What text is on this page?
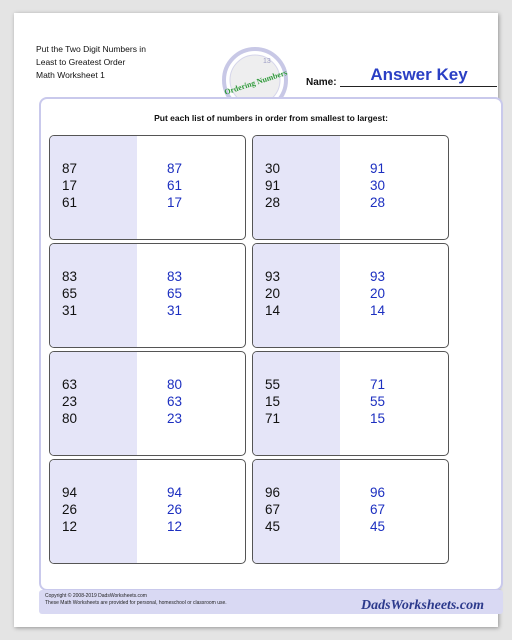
Put the Two Digit Numbers in
Least to Greatest Order
Math Worksheet 1
13
Ordering Numbers	Answer Key
Name:
Put each list of numbers in order from smallest to largest:
87
17
61
87
61
17
30
91
28
91
30
28
83
65
31
83
65
31
93
20
14
93
20
14
63
23
80
80
63
23
55
15
71
71
55
15
94
26
12
94
26
12
96
67
45
96
67
45
Copyright © 2008-2019 DadsWorksheets.com
These Math Worksheets are provided for personal, homeschool or classroom use.	DadsWorksheets.com
